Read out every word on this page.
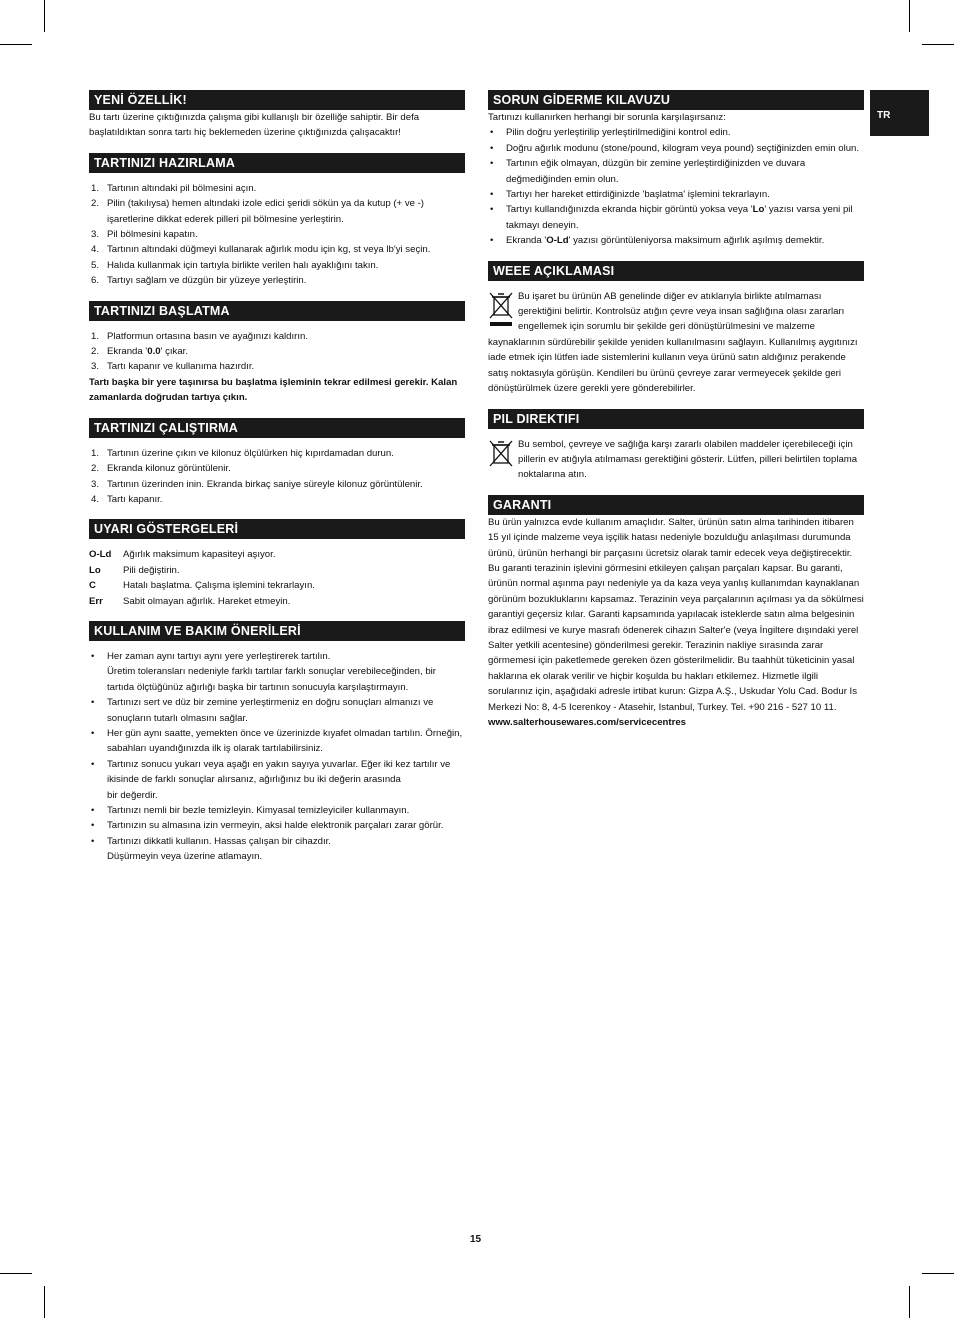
TR
YENİ ÖZELLİK!

Bu tartı üzerine çıktığınızda çalışma gibi kullanışlı bir özelliğe sahiptir. Bir defa başlatıldıktan sonra tartı hiç beklemeden üzerine çıktığınızda çalışacaktır!

TARTINIZI HAZIRLAMA
1. Tartının altındaki pil bölmesini açın.
2. Pilin (takılıysa) hemen altındaki izole edici şeridi sökün ya da kutup (+ ve -) işaretlerine dikkat ederek pilleri pil bölmesine yerleştirin.
3. Pil bölmesini kapatın.
4. Tartının altındaki düğmeyi kullanarak ağırlık modu için kg, st veya lb'yi seçin.
5. Halıda kullanmak için tartıyla birlikte verilen halı ayaklığını takın.
6. Tartıyı sağlam ve düzgün bir yüzeye yerleştirin.
TARTINIZI BAŞLATMA
1. Platformun ortasına basın ve ayağınızı kaldırın.
2. Ekranda '0.0' çıkar.
3. Tartı kapanır ve kullanıma hazırdır.

Tartı başka bir yere taşınırsa bu başlatma işleminin tekrar edilmesi gerekir. Kalan zamanlarda doğrudan tartıya çıkın.

TARTINIZI ÇALIŞTIRMA
1. Tartının üzerine çıkın ve kilonuz ölçülürken hiç kıpırdamadan durun.
2. Ekranda kilonuz görüntülenir.
3. Tartının üzerinden inin. Ekranda birkaç saniye süreyle kilonuz görüntülenir.
4. Tartı kapanır.
UYARI GÖSTERGELERİ
O-Ld	Ağırlık maksimum kapasiteyi aşıyor.
Lo	Pili değiştirin.
C	Hatalı başlatma. Çalışma işlemini tekrarlayın.
Err	Sabit olmayan ağırlık. Hareket etmeyin.
KULLANIM VE BAKIM ÖNERİLERİ
• Her zaman aynı tartıyı aynı yere yerleştirerek tartılın.
Üretim toleransları nedeniyle farklı tartılar farklı sonuçlar verebileceğinden, bir tartıda ölçtüğünüz ağırlığı başka bir tartının sonucuyla karşılaştırmayın.
• Tartınızı sert ve düz bir zemine yerleştirmeniz en doğru sonuçları almanızı ve sonuçların tutarlı olmasını sağlar.
• Her gün aynı saatte, yemekten önce ve üzerinizde kıyafet olmadan tartılın. Örneğin, sabahları uyandığınızda ilk iş olarak tartılabilirsiniz.
• Tartınız sonucu yukarı veya aşağı en yakın sayıya yuvarlar. Eğer iki kez tartılır ve ikisinde de farklı sonuçlar alırsanız, ağırlığınız bu iki değerin arasında
bir değerdir.
• Tartınızı nemli bir bezle temizleyin. Kimyasal temizleyiciler kullanmayın.
• Tartınızın su almasına izin vermeyin, aksi halde elektronik parçaları zarar görür.
• Tartınızı dikkatli kullanın. Hassas çalışan bir cihazdır.
Düşürmeyin veya üzerine atlamayın.
SORUN GİDERME KILAVUZU

Tartınızı kullanırken herhangi bir sorunla karşılaşırsanız:

• Pilin doğru yerleştirilip yerleştirilmediğini kontrol edin.
• Doğru ağırlık modunu (stone/pound, kilogram veya pound) seçtiğinizden emin olun.
• Tartının eğik olmayan, düzgün bir zemine yerleştirdiğinizden ve duvara değmediğinden emin olun.
• Tartıyı her hareket ettirdiğinizde 'başlatma' işlemini tekrarlayın.
• Tartıyı kullandığınızda ekranda hiçbir görüntü yoksa veya 'Lo' yazısı varsa yeni pil takmayı deneyin.
• Ekranda 'O-Ld' yazısı görüntüleniyorsa maksimum ağırlık aşılmış demektir.
WEEE AÇIKLAMASI

Bu işaret bu ürünün AB genelinde diğer ev atıklarıyla birlikte atılmaması gerektiğini belirtir. Kontrolsüz atığın çevre veya insan sağlığına olası zararları engellemek için sorumlu bir şekilde geri dönüştürülmesini ve malzeme kaynaklarının sürdürebilir şekilde yeniden kullanılmasını sağlayın. Kullanılmış aygıtınızı iade etmek için lütfen iade sistemlerini kullanın veya ürünü satın aldığınız perakende satış noktasıyla görüşün. Kendileri bu ürünü çevreye zarar vermeyecek şekilde geri dönüştürülmek üzere gerekli yere gönderebilirler.

PIL DIREKTIFI

Bu sembol, çevreye ve sağlığa karşı zararlı olabilen maddeler içerebileceği için pillerin ev atığıyla atılmaması gerektiğini gösterir. Lütfen, pilleri belirtilen toplama noktalarına atın.

GARANTI

Bu ürün yalnızca evde kullanım amaçlıdır. Salter, ürünün satın alma tarihinden itibaren 15 yıl içinde malzeme veya işçilik hatası nedeniyle bozulduğu anlaşılması durumunda ürünü, ürünün herhangi bir parçasını ücretsiz olarak tamir edecek veya değiştirecektir. Bu garanti terazinin işlevini görmesini etkileyen çalışan parçaları kapsar. Bu garanti, ürünün normal aşınma payı nedeniyle ya da kaza veya yanlış kullanımdan kaynaklanan görünüm bozukluklarını kapsamaz. Terazinin veya parçalarının açılması ya da sökülmesi garantiyi geçersiz kılar. Garanti kapsamında yapılacak isteklerde satın alma belgesinin ibraz edilmesi ve kurye masrafı ödenerek cihazın Salter'e (veya İngiltere dışındaki yerel Salter yetkili acentesine) gönderilmesi gerekir. Terazinin nakliye sırasında zarar görmemesi için paketlemede gereken özen gösterilmelidir. Bu taahhüt tüketicinin yasal haklarına ek olarak verilir ve hiçbir koşulda bu hakları etkilemez. Hizmetle ilgili sorularınız için, aşağıdaki adresle irtibat kurun: Gizpa A.Ş., Uskudar Yolu Cad. Bodur Is Merkezi No: 8, 4-5 Icerenkoy - Atasehir, Istanbul, Turkey. Tel. +90 216 - 527 10 11.

www.salterhousewares.com/servicecentres

15
